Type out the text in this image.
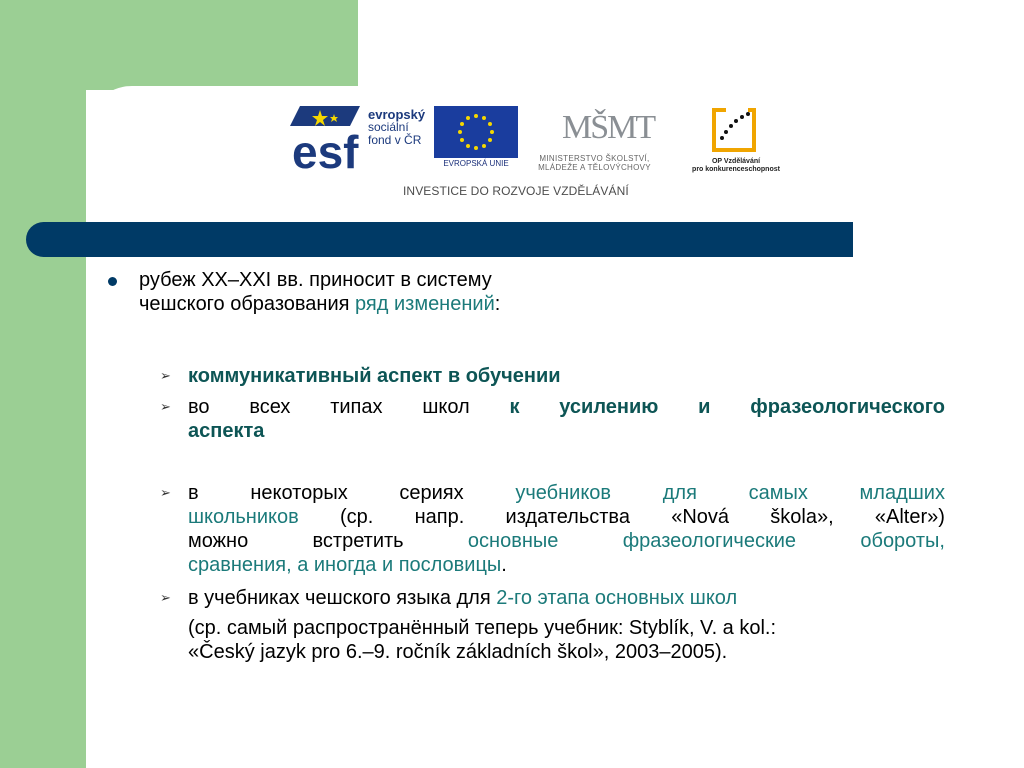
esf
evropský
sociální
fond v ČR
EVROPSKÁ UNIE
MŠMT
MINISTERSTVO ŠKOLSTVÍ,
MLÁDEŽE A TĚLOVÝCHOVY
OP Vzdělávání
pro konkurenceschopnost
INVESTICE DO ROZVOJE VZDĚLÁVÁNÍ
рубеж XX–XXI вв. приносит в систему
чешского образования ряд изменений:
➢ коммуникативный аспект в обучении
➢ во всех типах школ к усилению и фразеологического
аспекта
➢ в	некоторых	сериях	учебников	для	самых	младших
школьников (ср. напр. издательства «Nová škola», «Alter»)
можно	встретить	основные	фразеологические	обороты,
сравнения, а иногда и пословицы.
➢ в учебниках чешского языка для 2-го этапа основных школ
(ср. самый распространённый теперь учебник: Styblík, V. a kol.:
«Český jazyk pro 6.–9. ročník základních škol», 2003–2005).
